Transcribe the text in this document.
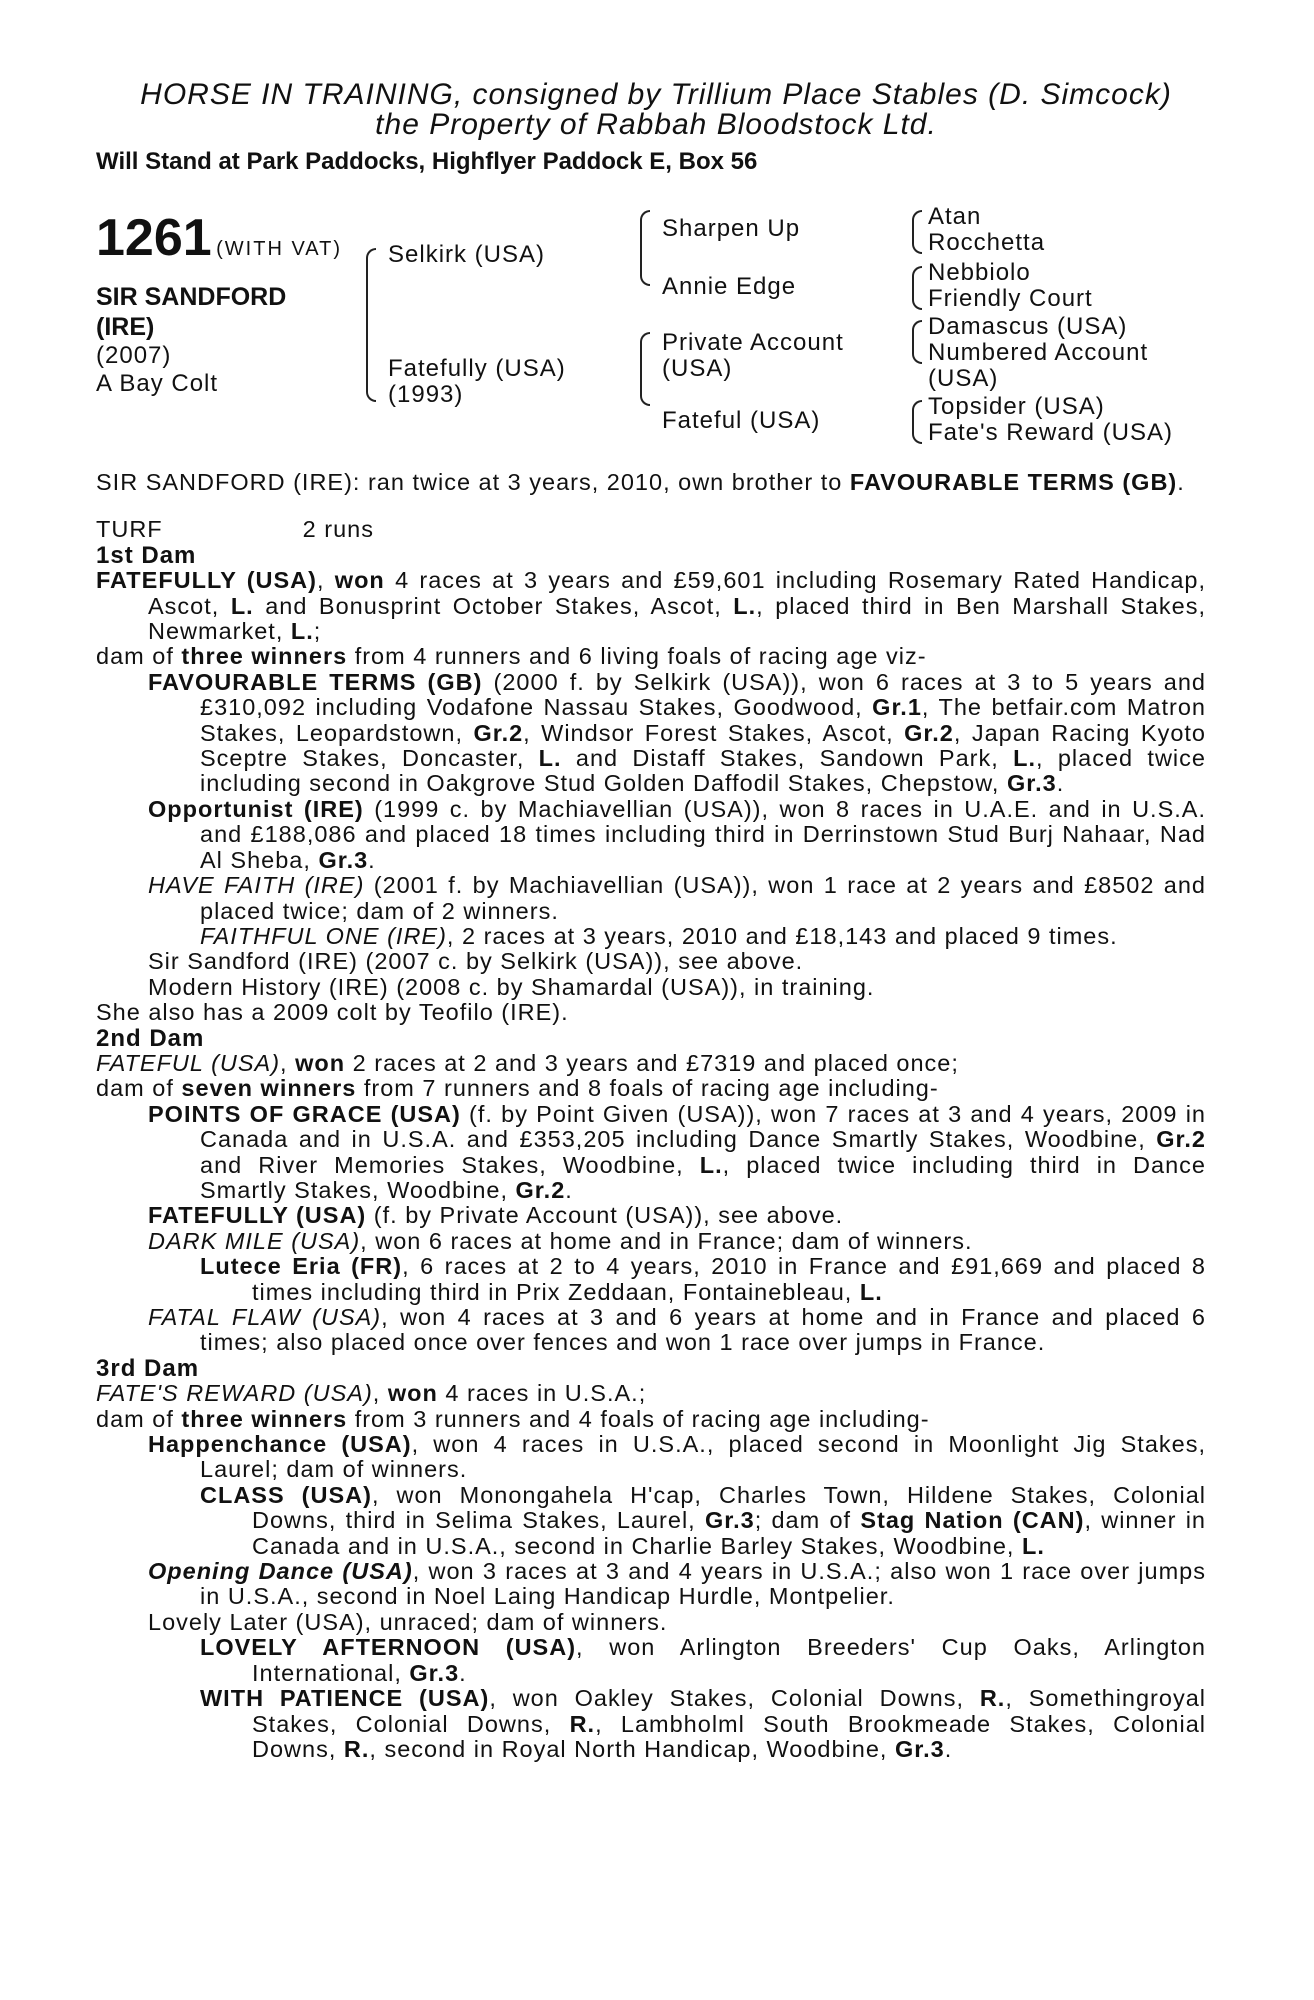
HORSE IN TRAINING, consigned by Trillium Place Stables (D. Simcock)
the Property of Rabbah Bloodstock Ltd.
Will Stand at Park Paddocks, Highflyer Paddock E, Box 56
1261 (WITH VAT)
SIR SANDFORD
(IRE)
(2007)
A Bay Colt
Selkirk (USA)
Fatefully (USA)
(1993)
Sharpen Up
Annie Edge
Private Account
(USA)
Fateful (USA)
Atan
Rocchetta
Nebbiolo
Friendly Court
Damascus (USA)
Numbered Account
(USA)
Topsider (USA)
Fate's Reward (USA)

SIR SANDFORD (IRE): ran twice at 3 years, 2010, own brother to FAVOURABLE TERMS (GB).

TURF	2 runs

1st Dam

FATEFULLY (USA), won 4 races at 3 years and £59,601 including Rosemary Rated Handicap, Ascot, L. and Bonusprint October Stakes, Ascot, L., placed third in Ben Marshall Stakes, Newmarket, L.;

dam of three winners from 4 runners and 6 living foals of racing age viz-

FAVOURABLE TERMS (GB) (2000 f. by Selkirk (USA)), won 6 races at 3 to 5 years and £310,092 including Vodafone Nassau Stakes, Goodwood, Gr.1, The betfair.com Matron Stakes, Leopardstown, Gr.2, Windsor Forest Stakes, Ascot, Gr.2, Japan Racing Kyoto Sceptre Stakes, Doncaster, L. and Distaff Stakes, Sandown Park, L., placed twice including second in Oakgrove Stud Golden Daffodil Stakes, Chepstow, Gr.3.

Opportunist (IRE) (1999 c. by Machiavellian (USA)), won 8 races in U.A.E. and in U.S.A. and £188,086 and placed 18 times including third in Derrinstown Stud Burj Nahaar, Nad Al Sheba, Gr.3.

HAVE FAITH (IRE) (2001 f. by Machiavellian (USA)), won 1 race at 2 years and £8502 and placed twice; dam of 2 winners.

FAITHFUL ONE (IRE), 2 races at 3 years, 2010 and £18,143 and placed 9 times.

Sir Sandford (IRE) (2007 c. by Selkirk (USA)), see above.

Modern History (IRE) (2008 c. by Shamardal (USA)), in training.

She also has a 2009 colt by Teofilo (IRE).

2nd Dam

FATEFUL (USA), won 2 races at 2 and 3 years and £7319 and placed once;

dam of seven winners from 7 runners and 8 foals of racing age including-

POINTS OF GRACE (USA) (f. by Point Given (USA)), won 7 races at 3 and 4 years, 2009 in Canada and in U.S.A. and £353,205 including Dance Smartly Stakes, Woodbine, Gr.2 and River Memories Stakes, Woodbine, L., placed twice including third in Dance Smartly Stakes, Woodbine, Gr.2.

FATEFULLY (USA) (f. by Private Account (USA)), see above.

DARK MILE (USA), won 6 races at home and in France; dam of winners.

Lutece Eria (FR), 6 races at 2 to 4 years, 2010 in France and £91,669 and placed 8 times including third in Prix Zeddaan, Fontainebleau, L.

FATAL FLAW (USA), won 4 races at 3 and 6 years at home and in France and placed 6 times; also placed once over fences and won 1 race over jumps in France.

3rd Dam

FATE'S REWARD (USA), won 4 races in U.S.A.;

dam of three winners from 3 runners and 4 foals of racing age including-

Happenchance (USA), won 4 races in U.S.A., placed second in Moonlight Jig Stakes, Laurel; dam of winners.

CLASS (USA), won Monongahela H'cap, Charles Town, Hildene Stakes, Colonial Downs, third in Selima Stakes, Laurel, Gr.3; dam of Stag Nation (CAN), winner in Canada and in U.S.A., second in Charlie Barley Stakes, Woodbine, L.

Opening Dance (USA), won 3 races at 3 and 4 years in U.S.A.; also won 1 race over jumps in U.S.A., second in Noel Laing Handicap Hurdle, Montpelier.

Lovely Later (USA), unraced; dam of winners.

LOVELY AFTERNOON (USA), won Arlington Breeders' Cup Oaks, Arlington International, Gr.3.

WITH PATIENCE (USA), won Oakley Stakes, Colonial Downs, R., Somethingroyal Stakes, Colonial Downs, R., Lambholml South Brookmeade Stakes, Colonial Downs, R., second in Royal North Handicap, Woodbine, Gr.3.
